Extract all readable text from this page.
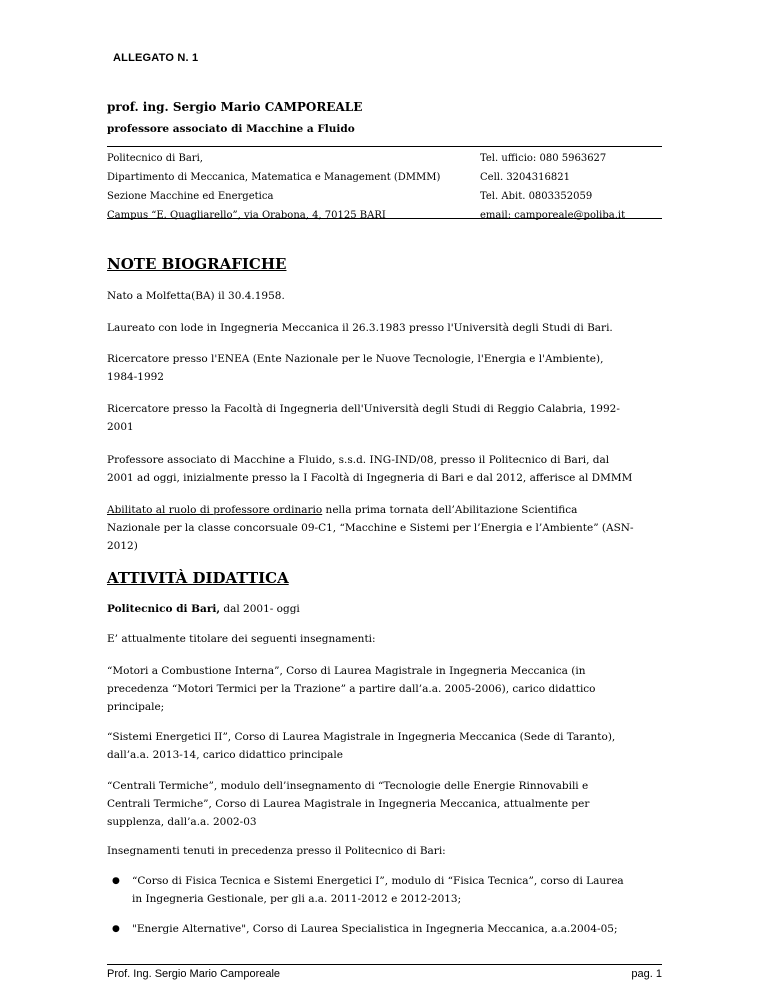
ALLEGATO N. 1
prof. ing. Sergio Mario CAMPOREALE
professore associato di Macchine a Fluido
Politecnico di Bari,
Dipartimento di Meccanica, Matematica e Management (DMMM)
Sezione Macchine ed Energetica
Campus “E. Quagliarello”, via Orabona, 4, 70125 BARI
Tel. ufficio: 080 5963627
Cell. 3204316821
Tel. Abit. 0803352059
email: camporeale@poliba.it
NOTE BIOGRAFICHE
Nato a Molfetta(BA) il 30.4.1958.
Laureato con lode in Ingegneria Meccanica il 26.3.1983 presso l'Università degli Studi di Bari.
Ricercatore presso l'ENEA (Ente Nazionale per le Nuove Tecnologie, l'Energia e l'Ambiente),
1984-1992
Ricercatore presso la Facoltà di Ingegneria dell'Università degli Studi di Reggio Calabria, 1992-
2001
Professore associato di Macchine a Fluido, s.s.d. ING-IND/08, presso il Politecnico di Bari, dal
2001 ad oggi, inizialmente presso la I Facoltà di Ingegneria di Bari e dal 2012, afferisce al DMMM
Abilitato al ruolo di professore ordinario nella prima tornata dell’Abilitazione Scientifica
Nazionale per la classe concorsuale 09-C1, “Macchine e Sistemi per l’Energia e l’Ambiente” (ASN-
2012)
ATTIVITÀ DIDATTICA
Politecnico di Bari, dal 2001- oggi
E’ attualmente titolare dei seguenti insegnamenti:
“Motori a Combustione Interna”, Corso di Laurea Magistrale in Ingegneria Meccanica (in
precedenza “Motori Termici per la Trazione” a partire dall’a.a. 2005-2006), carico didattico
principale;
“Sistemi Energetici II”, Corso di Laurea Magistrale in Ingegneria Meccanica (Sede di Taranto),
dall’a.a. 2013-14, carico didattico principale
“Centrali Termiche”, modulo dell’insegnamento di “Tecnologie delle Energie Rinnovabili e
Centrali Termiche”, Corso di Laurea Magistrale in Ingegneria Meccanica, attualmente per
supplenza, dall’a.a. 2002-03
Insegnamenti tenuti in precedenza presso il Politecnico di Bari:
● “Corso di Fisica Tecnica e Sistemi Energetici I”, modulo di “Fisica Tecnica”, corso di Laurea
in Ingegneria Gestionale, per gli a.a. 2011-2012 e 2012-2013;
● "Energie Alternative", Corso di Laurea Specialistica in Ingegneria Meccanica, a.a.2004-05;
Prof. Ing. Sergio Mario Camporeale	pag. 1
